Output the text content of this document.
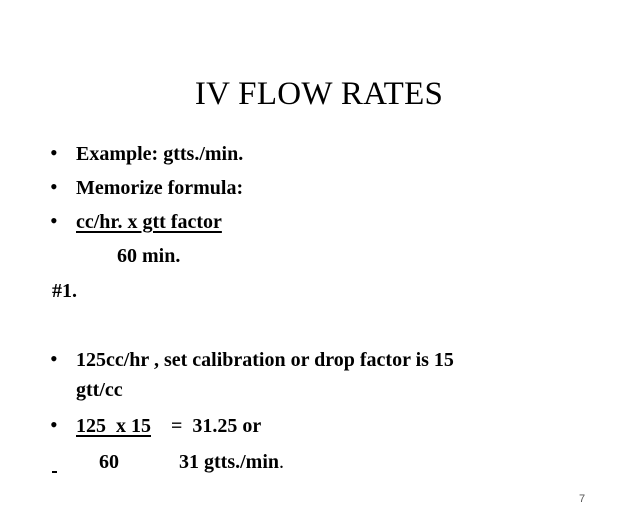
IV FLOW RATES
• Example: gtts./min.
• Memorize formula:
• cc/hr. x gtt factor
60 min.
#1.
• 125cc/hr , set calibration or drop factor is 15
gtt/cc
• 125  x 15    =  31.25 or
60            31 gtts./min.
7
